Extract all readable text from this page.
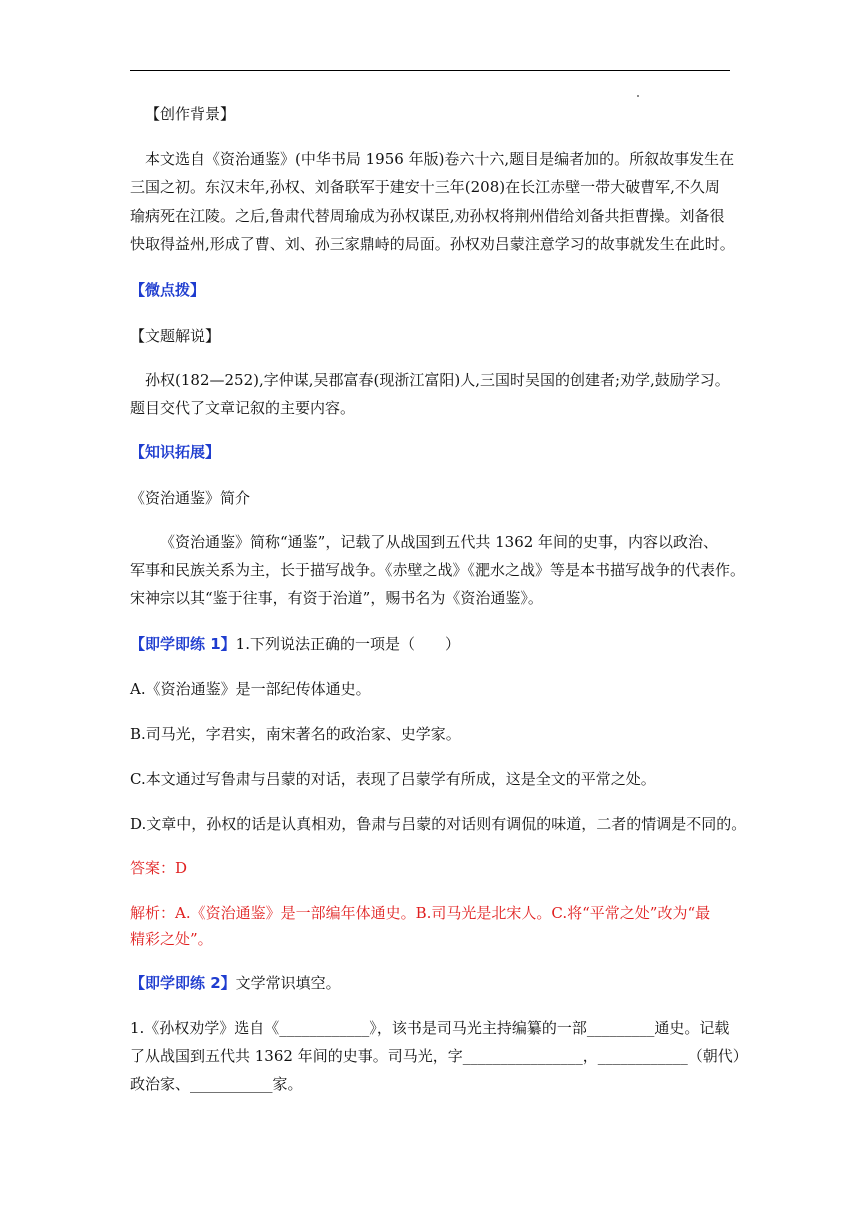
【创作背景】
本文选自《资治通鉴》(中华书局 1956 年版)卷六十六,题目是编者加的。所叙故事发生在
三国之初。东汉末年,孙权、刘备联军于建安十三年(208)在长江赤壁一带大破曹军,不久周
瑜病死在江陵。之后,鲁肃代替周瑜成为孙权谋臣,劝孙权将荆州借给刘备共拒曹操。刘备很
快取得益州,形成了曹、刘、孙三家鼎峙的局面。孙权劝吕蒙注意学习的故事就发生在此时。
【微点拨】
【文题解说】
孙权(182—252),字仲谋,吴郡富春(现浙江富阳)人,三国时吴国的创建者;劝学,鼓励学习。
题目交代了文章记叙的主要内容。
【知识拓展】
《资治通鉴》简介
《资治通鉴》简称“通鉴”，记载了从战国到五代共 1362 年间的史事，内容以政治、
军事和民族关系为主，长于描写战争。《赤壁之战》《淝水之战》等是本书描写战争的代表作。
宋神宗以其“鉴于往事，有资于治道”，赐书名为《资治通鉴》。
【即学即练 1】1.下列说法正确的一项是（　　）
A.《资治通鉴》是一部纪传体通史。
B.司马光，字君实，南宋著名的政治家、史学家。
C.本文通过写鲁肃与吕蒙的对话，表现了吕蒙学有所成，这是全文的平常之处。
D.文章中，孙权的话是认真相劝，鲁肃与吕蒙的对话则有调侃的味道，二者的情调是不同的。
答案：D
解析：A.《资治通鉴》是一部编年体通史。B.司马光是北宋人。C.将“平常之处”改为“最
精彩之处”。
【即学即练 2】文学常识填空。
1.《孙权劝学》选自《____________》，该书是司马光主持编纂的一部_________通史。记载
了从战国到五代共 1362 年间的史事。司马光，字________________，____________（朝代）
政治家、___________家。
